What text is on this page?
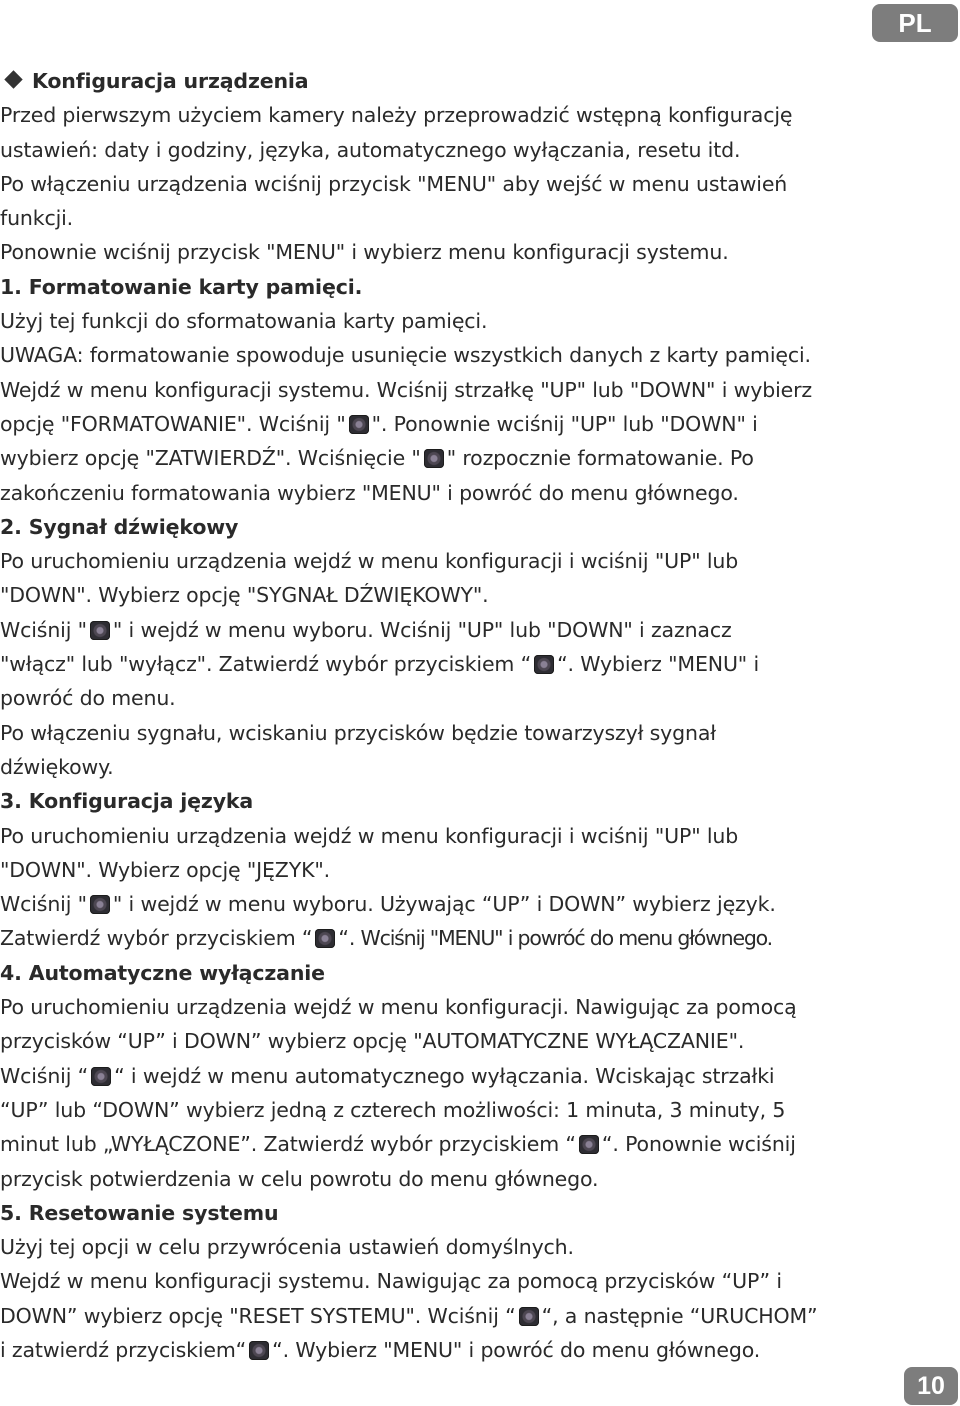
PL
Konfiguracja urządzenia
Przed pierwszym użyciem kamery należy przeprowadzić wstępną konfigurację
ustawień: daty i godziny, języka, automatycznego wyłączania, resetu itd.
Po włączeniu urządzenia wciśnij przycisk "MENU" aby wejść w menu ustawień
funkcji.
Ponownie wciśnij przycisk "MENU" i wybierz menu konfiguracji systemu.
1. Formatowanie karty pamięci.
Użyj tej funkcji do sformatowania karty pamięci.
UWAGA: formatowanie spowoduje usunięcie wszystkich danych z karty pamięci.
Wejdź w menu konfiguracji systemu. Wciśnij strzałkę "UP" lub "DOWN" i wybierz
opcję "FORMATOWANIE". Wciśnij " ". Ponownie wciśnij "UP" lub "DOWN" i
wybierz opcję "ZATWIERDŹ". Wciśnięcie " " rozpocznie formatowanie. Po
zakończeniu formatowania wybierz "MENU" i powróć do menu głównego.
2. Sygnał dźwiękowy
Po uruchomieniu urządzenia wejdź w menu konfiguracji i wciśnij "UP" lub
"DOWN". Wybierz opcję "SYGNAŁ DŹWIĘKOWY".
Wciśnij " " i wejdź w menu wyboru. Wciśnij "UP" lub "DOWN" i zaznacz
"włącz" lub "wyłącz". Zatwierdź wybór przyciskiem “ “. Wybierz "MENU" i
powróć do menu.
Po włączeniu sygnału, wciskaniu przycisków będzie towarzyszył sygnał
dźwiękowy.
3. Konfiguracja języka
Po uruchomieniu urządzenia wejdź w menu konfiguracji i wciśnij "UP" lub
"DOWN". Wybierz opcję "JĘZYK".
Wciśnij " " i wejdź w menu wyboru. Używając “UP” i DOWN” wybierz język.
Zatwierdź wybór przyciskiem “ “. Wciśnij "MENU" i powróć do menu głównego.
4. Automatyczne wyłączanie
Po uruchomieniu urządzenia wejdź w menu konfiguracji. Nawigując za pomocą
przycisków “UP” i DOWN” wybierz opcję "AUTOMATYCZNE WYŁĄCZANIE".
Wciśnij “ “ i wejdź w menu automatycznego wyłączania. Wciskając strzałki
“UP” lub “DOWN” wybierz jedną z czterech możliwości: 1 minuta, 3 minuty, 5
minut lub „WYŁĄCZONE”. Zatwierdź wybór przyciskiem “ “. Ponownie wciśnij
przycisk potwierdzenia w celu powrotu do menu głównego.
5. Resetowanie systemu
Użyj tej opcji w celu przywrócenia ustawień domyślnych.
Wejdź w menu konfiguracji systemu. Nawigując za pomocą przycisków “UP” i
DOWN” wybierz opcję "RESET SYSTEMU". Wciśnij “ “, a następnie “URUCHOM”
i zatwierdź przyciskiem“ “. Wybierz "MENU" i powróć do menu głównego.
10
